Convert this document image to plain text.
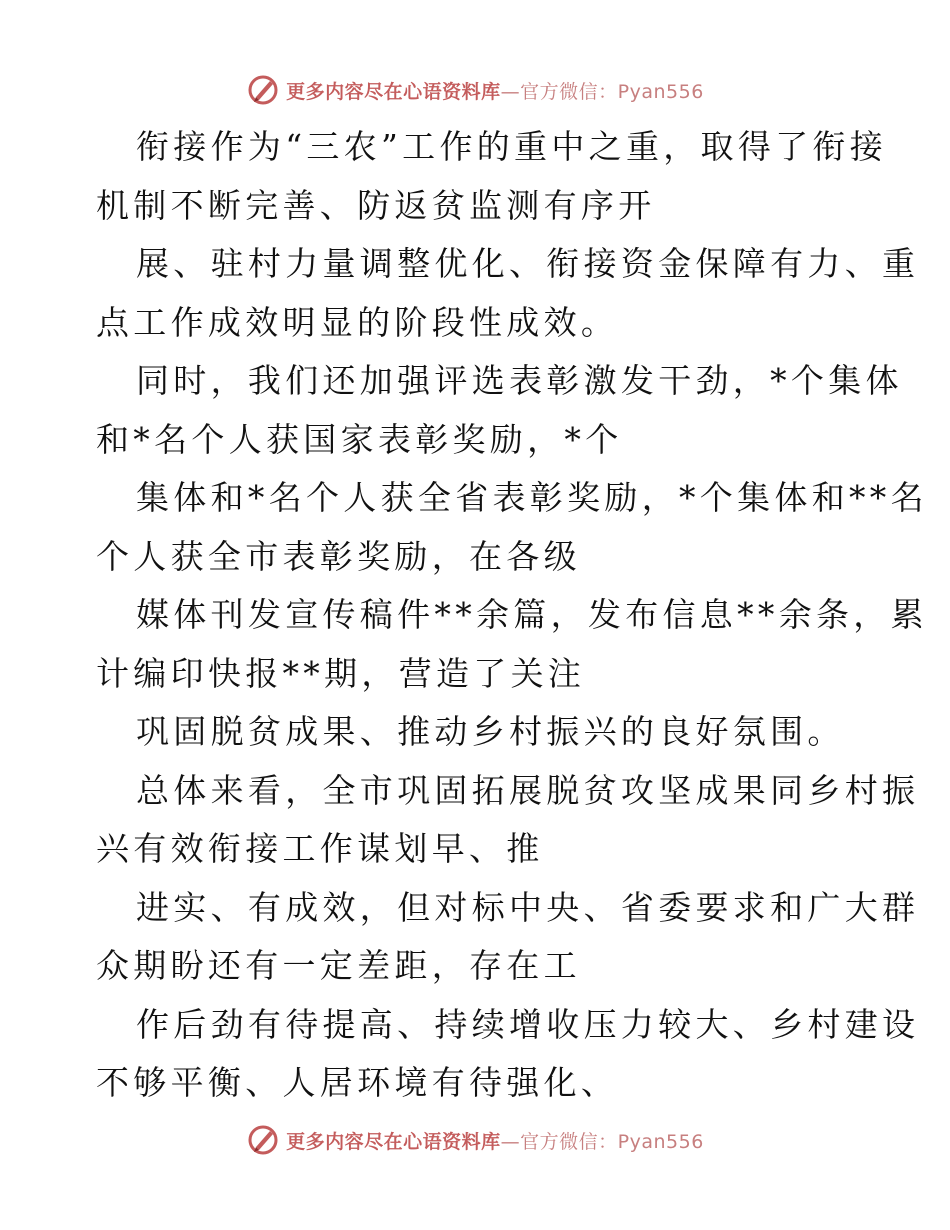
更多内容尽在心语资料库—官方微信：Pyan556
衔接作为“三农”工作的重中之重，取得了衔接
机制不断完善、防返贫监测有序开
展、驻村力量调整优化、衔接资金保障有力、重
点工作成效明显的阶段性成效。
同时，我们还加强评选表彰激发干劲，*个集体
和*名个人获国家表彰奖励，*个
集体和*名个人获全省表彰奖励，*个集体和**名
个人获全市表彰奖励，在各级
媒体刊发宣传稿件**余篇，发布信息**余条，累
计编印快报**期，营造了关注
巩固脱贫成果、推动乡村振兴的良好氛围。
总体来看，全市巩固拓展脱贫攻坚成果同乡村振
兴有效衔接工作谋划早、推
进实、有成效，但对标中央、省委要求和广大群
众期盼还有一定差距，存在工
作后劲有待提高、持续增收压力较大、乡村建设
不够平衡、人居环境有待强化、
更多内容尽在心语资料库—官方微信：Pyan556
